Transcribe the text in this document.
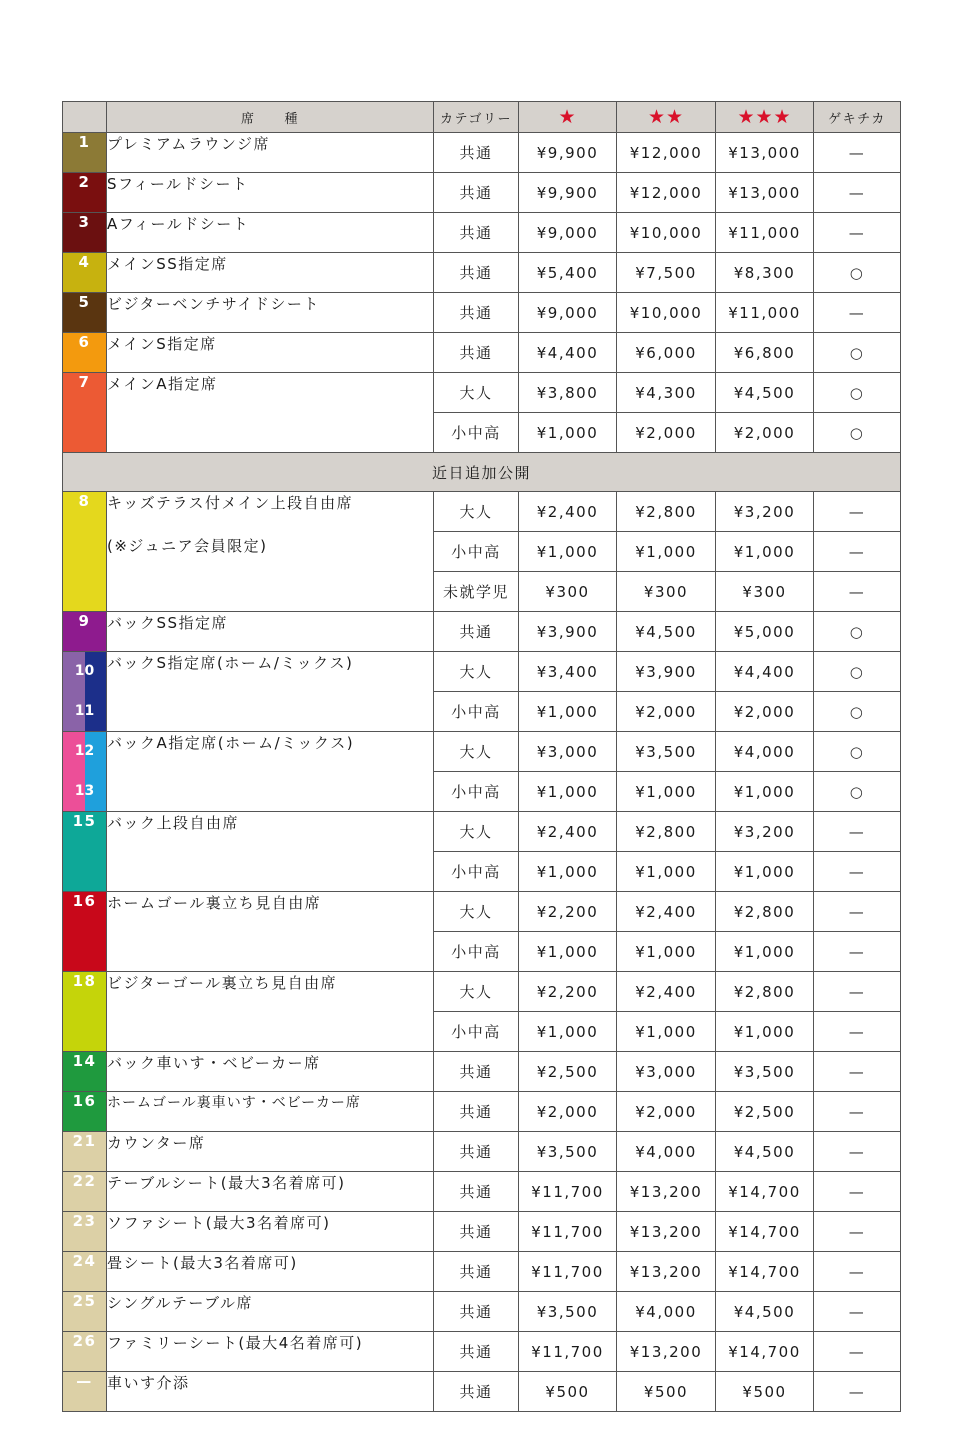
	席　　種	カテゴリー	★	★★	★★★	ゲキチカ

1	プレミアムラウンジ席	共通	¥9,900	¥12,000	¥13,000	—

2	Sフィールドシート	共通	¥9,900	¥12,000	¥13,000	—

3	Aフィールドシート	共通	¥9,000	¥10,000	¥11,000	—

4	メインSS指定席	共通	¥5,400	¥7,500	¥8,300	○

5	ビジターベンチサイドシート	共通	¥9,000	¥10,000	¥11,000	—

6	メインS指定席	共通	¥4,400	¥6,000	¥6,800	○

7	メインA指定席	大人	¥3,800	¥4,300	¥4,500	○
		小中高	¥1,000	¥2,000	¥2,000	○
近日追加公開						

8	キッズテラス付メイン上段自由席
(※ジュニア会員限定)	大人	¥2,400	¥2,800	¥3,200	—
		小中高	¥1,000	¥1,000	¥1,000	—
		未就学児	¥300	¥300	¥300	—

9	バックSS指定席	共通	¥3,900	¥4,500	¥5,000	○

10
11	バックS指定席(ホーム/ミックス)	大人	¥3,400	¥3,900	¥4,400	○
		小中高	¥1,000	¥2,000	¥2,000	○

12
13	バックA指定席(ホーム/ミックス)	大人	¥3,000	¥3,500	¥4,000	○
		小中高	¥1,000	¥1,000	¥1,000	○

15	バック上段自由席	大人	¥2,400	¥2,800	¥3,200	—
		小中高	¥1,000	¥1,000	¥1,000	—

16	ホームゴール裏立ち見自由席	大人	¥2,200	¥2,400	¥2,800	—
		小中高	¥1,000	¥1,000	¥1,000	—

18	ビジターゴール裏立ち見自由席	大人	¥2,200	¥2,400	¥2,800	—
		小中高	¥1,000	¥1,000	¥1,000	—

14	バック車いす・ベビーカー席	共通	¥2,500	¥3,000	¥3,500	—

16	ホームゴール裏車いす・ベビーカー席	共通	¥2,000	¥2,000	¥2,500	—

21	カウンター席	共通	¥3,500	¥4,000	¥4,500	—

22	テーブルシート(最大3名着席可)	共通	¥11,700	¥13,200	¥14,700	—

23	ソファシート(最大3名着席可)	共通	¥11,700	¥13,200	¥14,700	—

24	畳シート(最大3名着席可)	共通	¥11,700	¥13,200	¥14,700	—

25	シングルテーブル席	共通	¥3,500	¥4,000	¥4,500	—

26	ファミリーシート(最大4名着席可)	共通	¥11,700	¥13,200	¥14,700	—

—	車いす介添	共通	¥500	¥500	¥500	—
